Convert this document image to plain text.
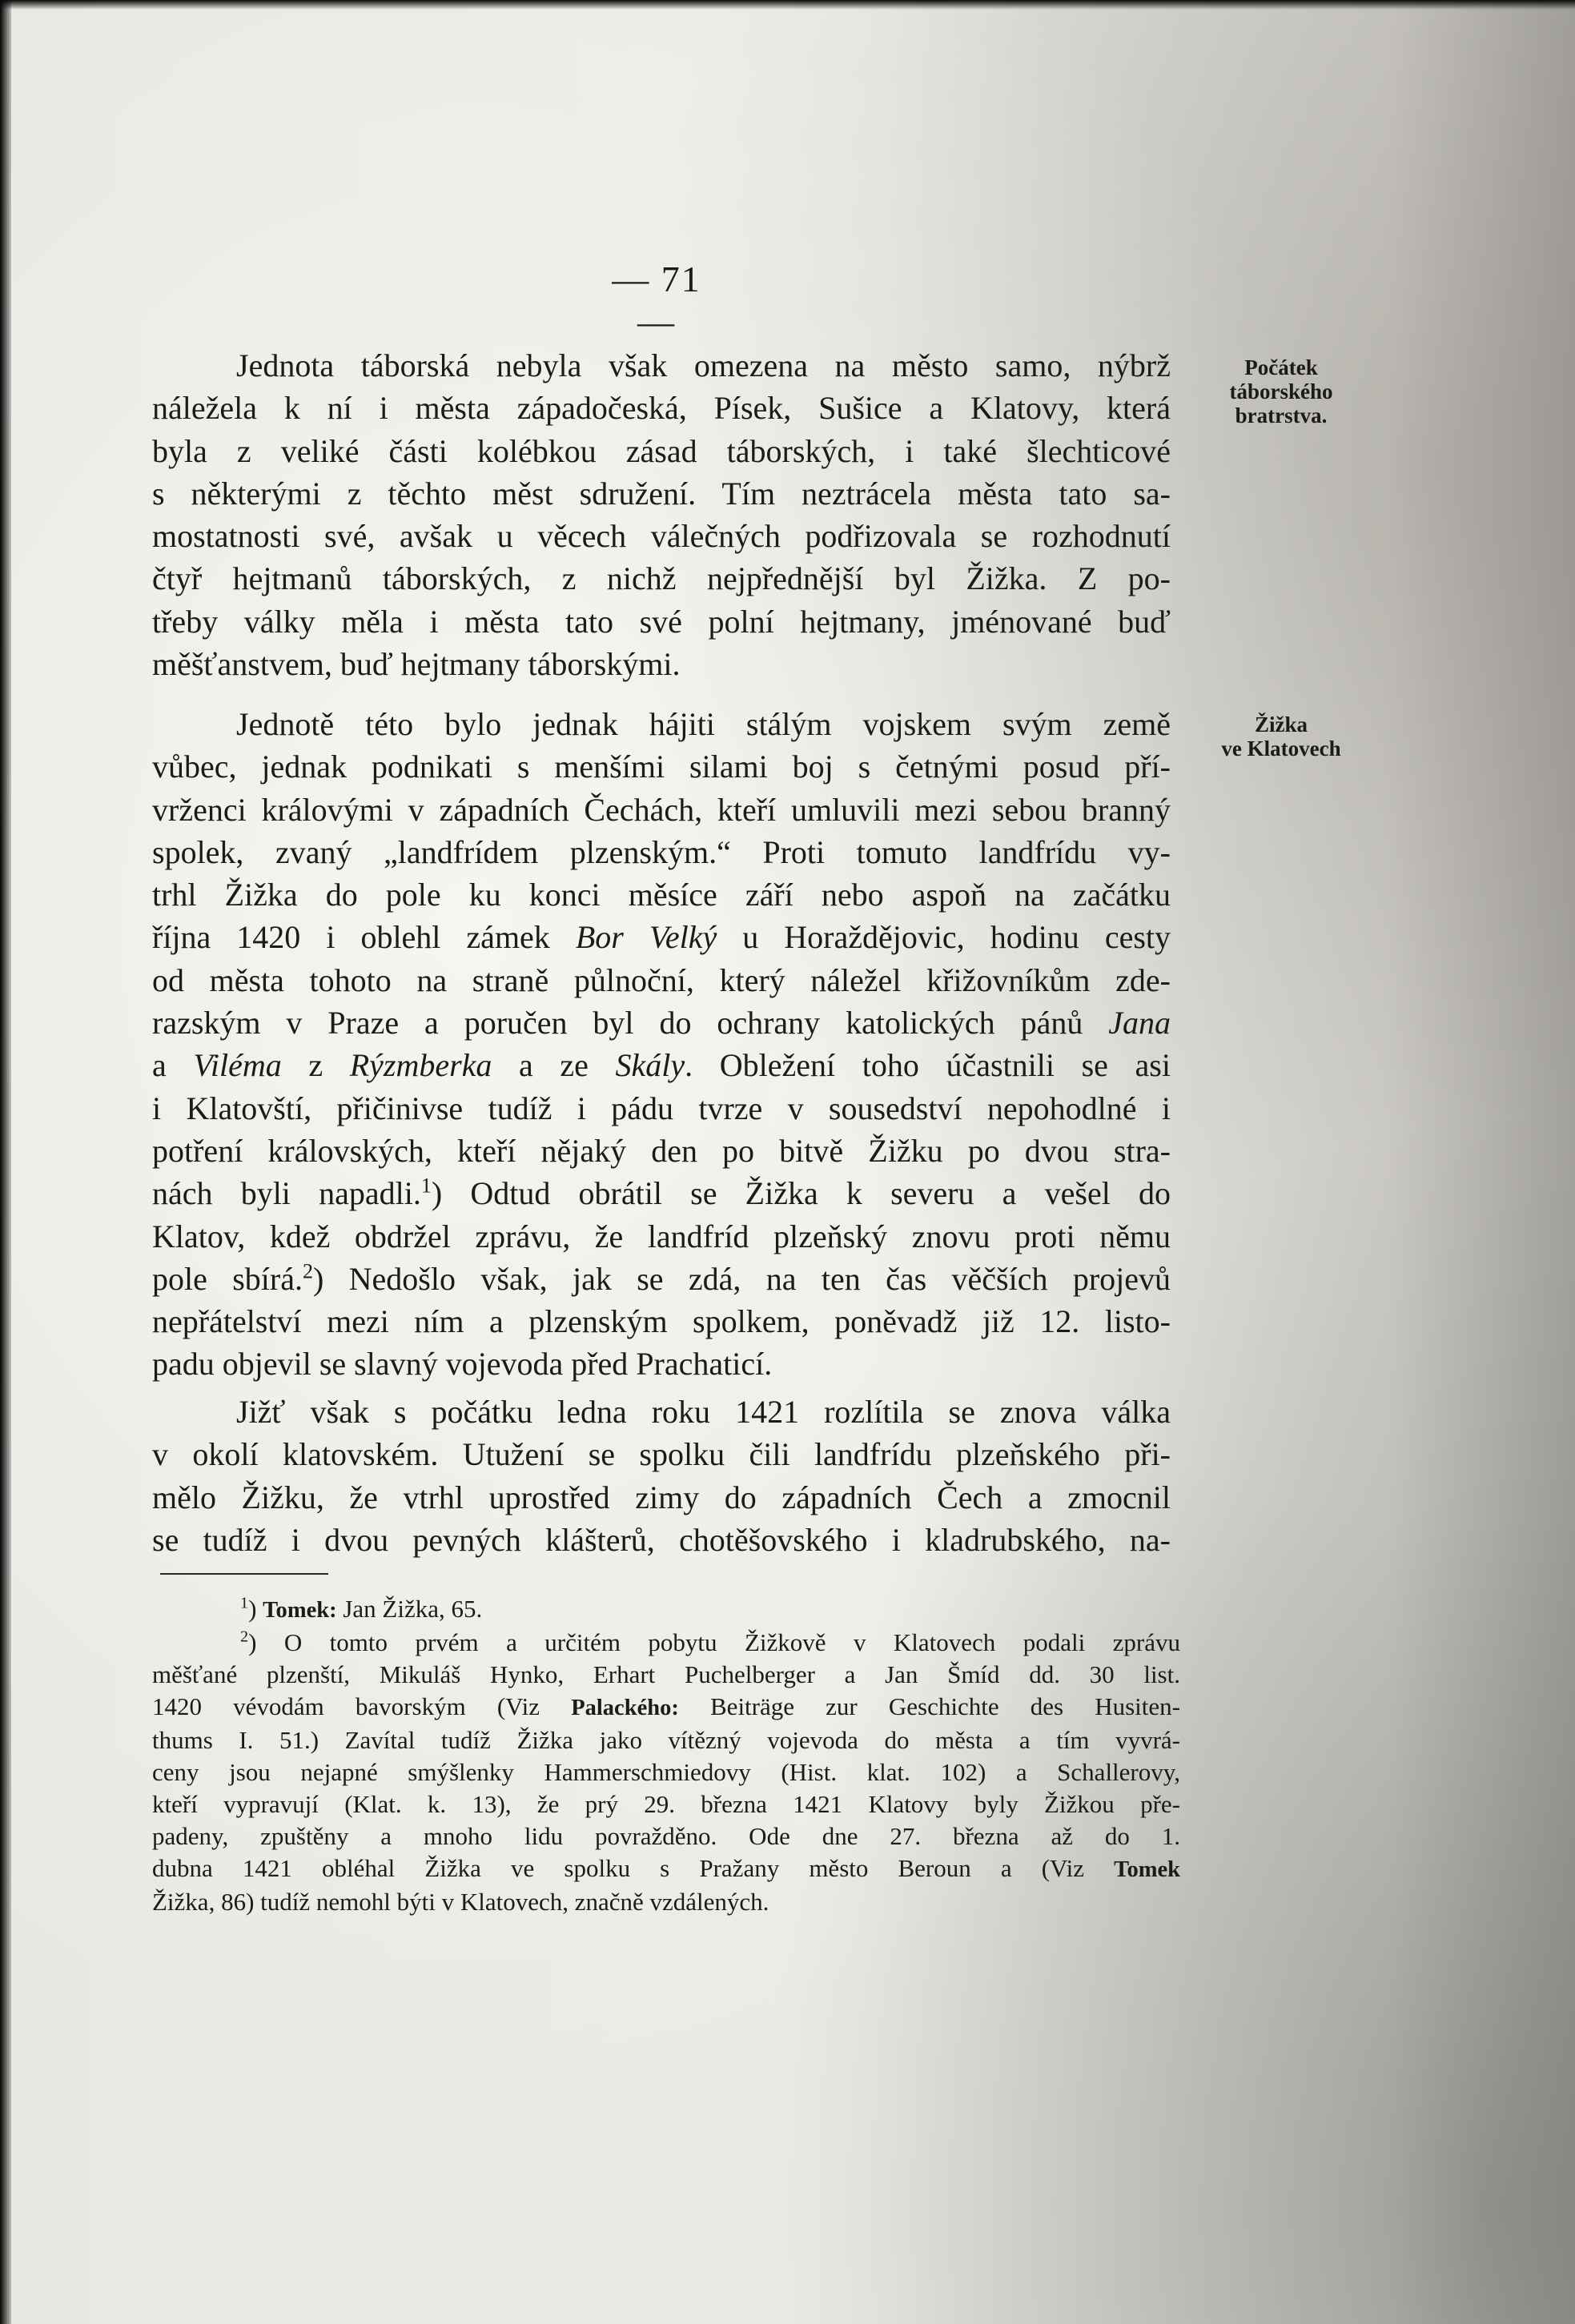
— 71 —
Počátek
táborského
bratrstva.
Žižka
ve Klatovech
Jednota táborská nebyla však omezena na město samo, nýbrž
náležela k ní i města západočeská, Písek, Sušice a Klatovy, která
byla z veliké části kolébkou zásad táborských, i také šlechticové
s některými z těchto měst sdružení. Tím neztrácela města tato sa-
mostatnosti své, avšak u věcech válečných podřizovala se rozhodnutí
čtyř hejtmanů táborských, z nichž nejpřednější byl Žižka. Z po-
třeby války měla i města tato své polní hejtmany, jménované buď
měšťanstvem, buď hejtmany táborskými.
Jednotě této bylo jednak hájiti stálým vojskem svým země
vůbec, jednak podnikati s menšími silami boj s četnými posud pří-
vrženci královými v západních Čechách, kteří umluvili mezi sebou branný
spolek, zvaný „landfrídem plzenským.“ Proti tomuto landfrídu vy-
trhl Žižka do pole ku konci měsíce září nebo aspoň na začátku
října 1420 i oblehl zámek Bor Velký u Horaždějovic, hodinu cesty
od města tohoto na straně půlnoční, který náležel křižovníkům zde-
razským v Praze a poručen byl do ochrany katolických pánů Jana
a Viléma z Rýzmberka a ze Skály. Obležení toho účastnili se asi
i Klatovští, přičinivse tudíž i pádu tvrze v sousedství nepohodlné i
potření královských, kteří nějaký den po bitvě Žižku po dvou stra-
nách byli napadli.$^1$) Odtud obrátil se Žižka k severu a vešel do
Klatov, kdež obdržel zprávu, že landfríd plzeňský znovu proti němu
pole sbírá.$^2$) Nedošlo však, jak se zdá, na ten čas věčších projevů
nepřátelství mezi ním a plzenským spolkem, poněvadž již 12. listo-
padu objevil se slavný vojevoda před Prachaticí.
Jižť však s počátku ledna roku 1421 rozlítila se znova válka
v okolí klatovském. Utužení se spolku čili landfrídu plzeňského při-
mělo Žižku, že vtrhl uprostřed zimy do západních Čech a zmocnil
se tudíž i dvou pevných klášterů, chotěšovského i kladrubského, na-
$^1$) Tomek: Jan Žižka, 65.
$^2$) O tomto prvém a určitém pobytu Žižkově v Klatovech podali zprávu
měšťané plzenští, Mikuláš Hynko, Erhart Puchelberger a Jan Šmíd dd. 30 list.
1420 vévodám bavorským (Viz Palackého: Beiträge zur Geschichte des Husiten-
thums I. 51.) Zavítal tudíž Žižka jako vítězný vojevoda do města a tím vyvrá-
ceny jsou nejapné smýšlenky Hammerschmiedovy (Hist. klat. 102) a Schallerovy,
kteří vypravují (Klat. k. 13), že prý 29. března 1421 Klatovy byly Žižkou pře-
padeny, zpuštěny a mnoho lidu povražděno. Ode dne 27. března až do 1.
dubna 1421 obléhal Žižka ve spolku s Pražany město Beroun a (Viz Tomek
Žižka, 86) tudíž nemohl býti v Klatovech, značně vzdálených.
